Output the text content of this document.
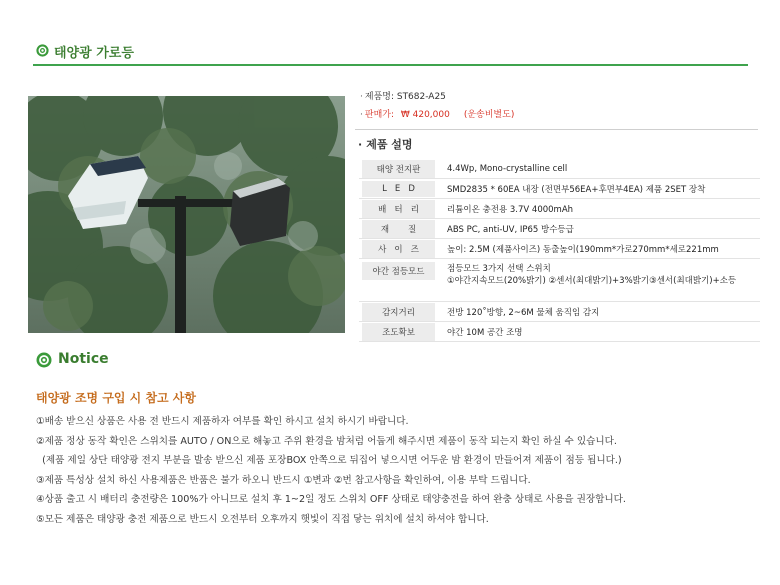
태양광 가로등
· 제품명: ST682-A25
· 판매가: ₩ 420,000 (운송비별도)
· 제품 설명
태양 전지판	4.4Wp, Mono-crystalline cell
L   E   D	SMD2835 * 60EA 내장 (전면부56EA+후면부4EA) 제품 2SET 장착
배   터   리	리튬이온 충전용 3.7V 4000mAh
재       질	ABS PC, anti-UV, IP65 방수등급
사   이   즈	높이: 2.5M (제품사이즈) 동출높이(190mm*가로270mm*세로221mm
야간 점등모드	점등모드 3가지 선택 스위치
①야간지속모드(20%밝기) ②센서(최대밝기)+3%밝기③센서(최대밝기)+소등

감지거리	전방 120˚방향, 2~6M 물체 움직임 감지
조도확보	야간 10M 공간 조명
Notice
태양광 조명 구입 시 참고 사항
①배송 받으신 상품은 사용 전 반드시 제품하자 여부를 확인 하시고 설치 하시기 바랍니다.
②제품 정상 동작 확인은 스위치를 AUTO / ON으로 해놓고 주위 환경을 밤처럼 어둡게 해주시면 제품이 동작 되는지 확인 하실 수 있습니다.
(제품 제일 상단 태양광 전지 부분을 발송 받으신 제품 포장BOX 안쪽으로 뒤집어 넣으시면 어두운 밤 환경이 만들어져 제품이 점등 됩니다.)
③제품 특성상 설치 하신 사용제품은 반품은 불가 하오니 반드시 ①변과 ②번 참고사항을 확인하여, 이용 부탁 드립니다.
④상품 출고 시 배터리 충전량은 100%가 아니므로 설치 후 1~2일 정도 스위치 OFF 상태로 태양충전을 하여 완충 상태로 사용을 권장합니다.
⑤모든 제품은 태양광 충전 제품으로 반드시 오전부터 오후까지 햇빛이 직접 닿는 위치에 설치 하셔야 합니다.
